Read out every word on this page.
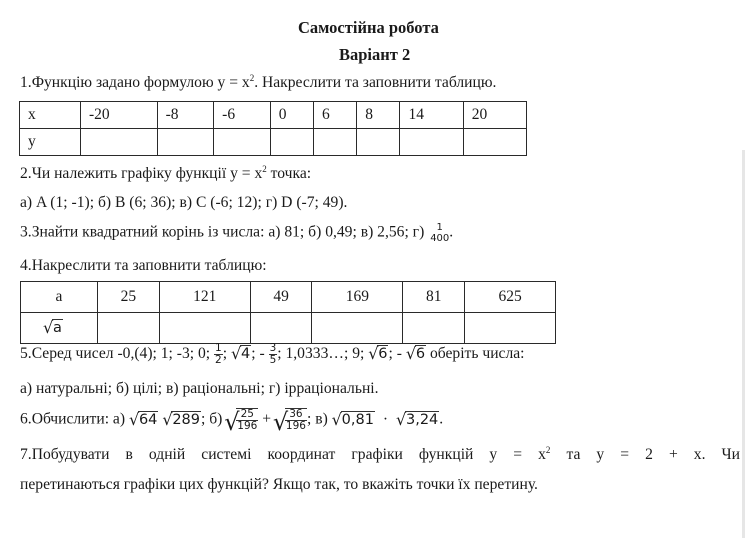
Самостійна робота
Варіант 2
1.Функцію задано формулою $у = х^2$. Накреслити та заповнити таблицю.
х	-20	-8	-6	0	6	8	14	20
у								
2.Чи належить графіку функції $у = х^2$ точка:
а) A (1; -1); б) B (6; 36); в) C (-6; 12); г) D (-7; 49).
3.Знайти квадратний корінь із числа: а) 81; б) 0,49; в) 2,56; г)	1
400 .
4.Накреслити та заповнити таблицю:
а	25	121	49	169	81	625

√ а						
5.Серед чисел -0,(4); 1; -3; 0; $\frac{1}{2}$ ; √ 4; - $\frac{3}{5}$ ; 1,0333…; 9; √ 6; - √ 6 оберіть числа:
а) натуральні; б) цілі; в) раціональні; г) ірраціональні.
6.Обчислити: а) √ 64 √ 289; б) √
$\frac{25}{196}$ + √
$\frac{36}{196}$ ; в) √ 0,81 · √ 3,24.
7.Побудувати в одній системі координат графіки функцій $у = х^2$ та у = 2 + х. Чи
перетинаються графіки цих функцій? Якщо так, то вкажіть точки їх перетину.
